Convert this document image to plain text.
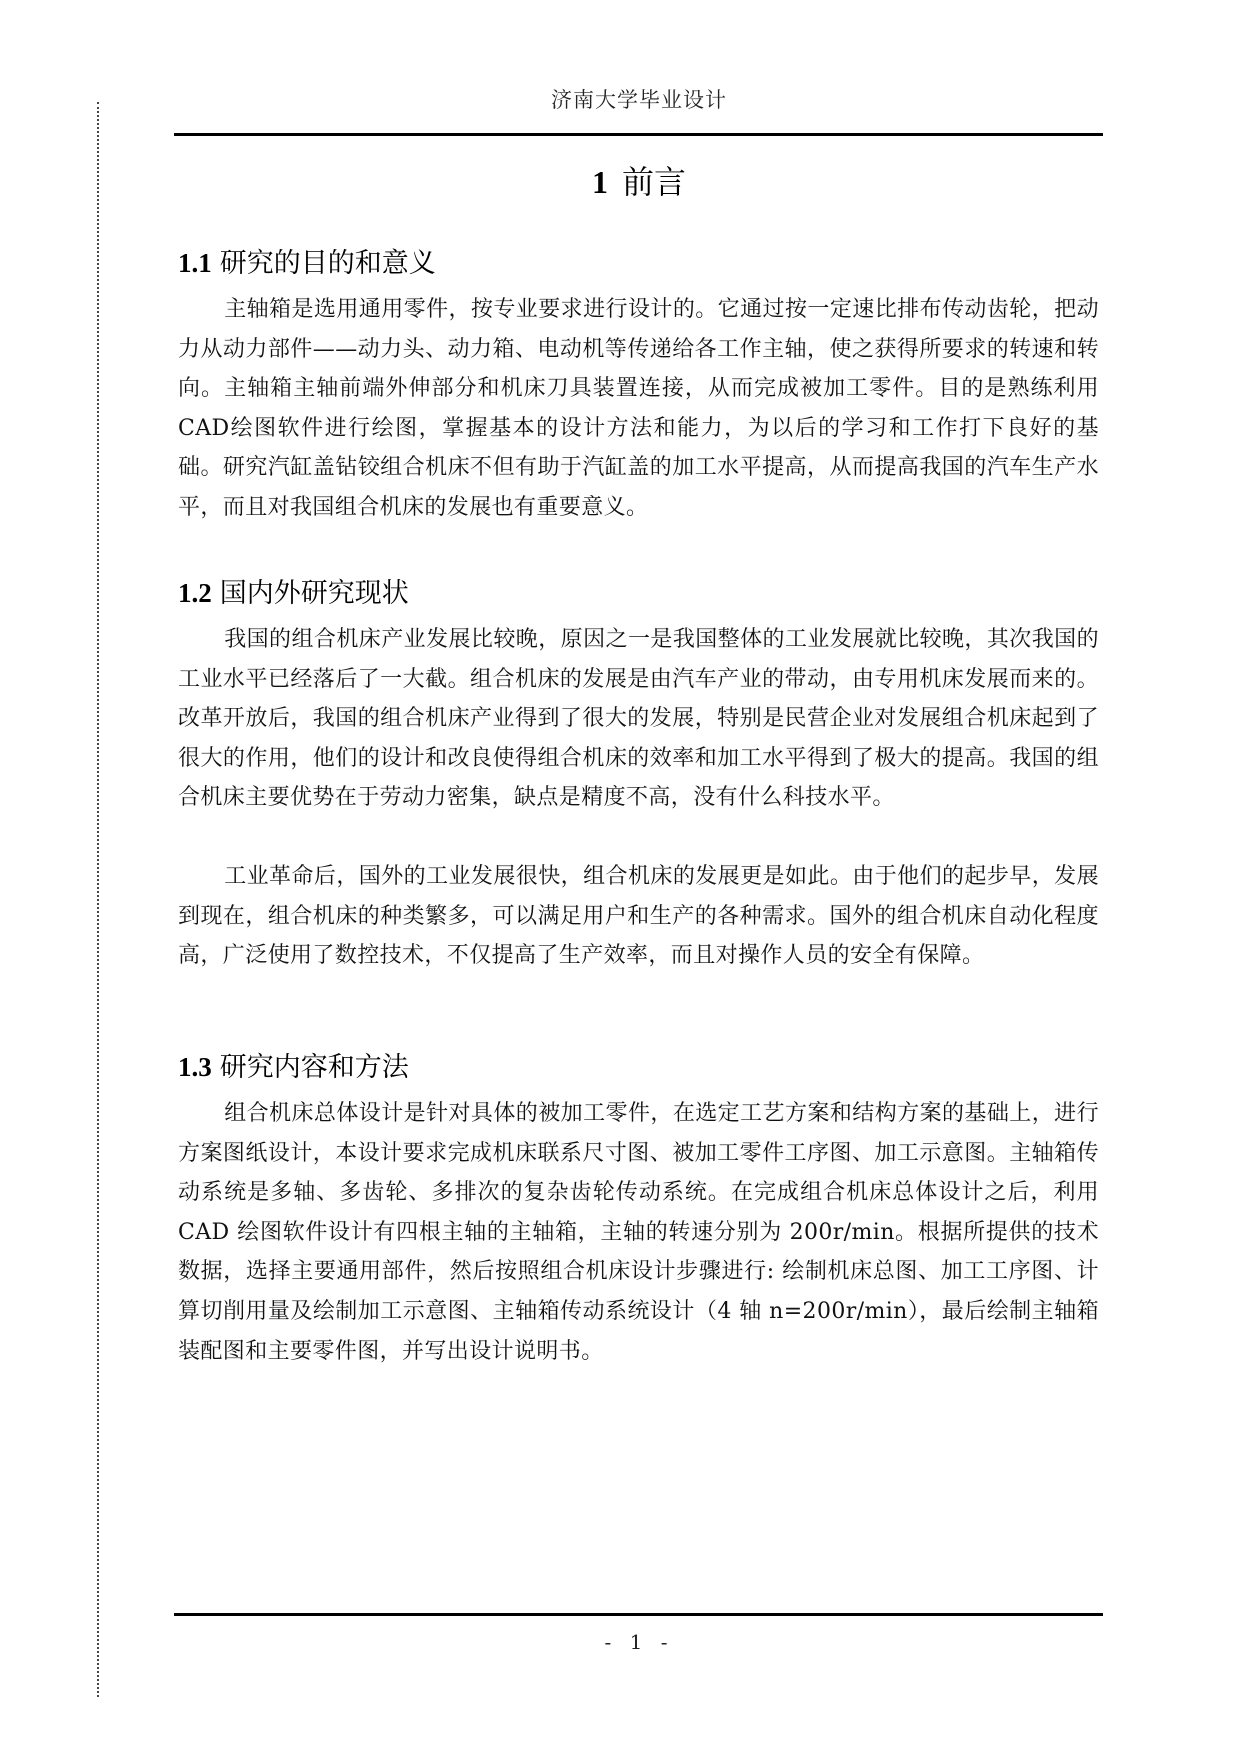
济南大学毕业设计
1 前言
1.1 研究的目的和意义

主轴箱是选用通用零件，按专业要求进行设计的。它通过按一定速比排布传动齿轮，把动力从动力部件——动力头、动力箱、电动机等传递给各工作主轴，使之获得所要求的转速和转向。主轴箱主轴前端外伸部分和机床刀具装置连接，从而完成被加工零件。目的是熟练利用CAD绘图软件进行绘图，掌握基本的设计方法和能力，为以后的学习和工作打下良好的基础。研究汽缸盖钻铰组合机床不但有助于汽缸盖的加工水平提高，从而提高我国的汽车生产水平，而且对我国组合机床的发展也有重要意义。

1.2 国内外研究现状

我国的组合机床产业发展比较晚，原因之一是我国整体的工业发展就比较晚，其次我国的工业水平已经落后了一大截。组合机床的发展是由汽车产业的带动，由专用机床发展而来的。改革开放后，我国的组合机床产业得到了很大的发展，特别是民营企业对发展组合机床起到了很大的作用，他们的设计和改良使得组合机床的效率和加工水平得到了极大的提高。我国的组合机床主要优势在于劳动力密集，缺点是精度不高，没有什么科技水平。

工业革命后，国外的工业发展很快，组合机床的发展更是如此。由于他们的起步早，发展到现在，组合机床的种类繁多，可以满足用户和生产的各种需求。国外的组合机床自动化程度高，广泛使用了数控技术，不仅提高了生产效率，而且对操作人员的安全有保障。

1.3 研究内容和方法

组合机床总体设计是针对具体的被加工零件，在选定工艺方案和结构方案的基础上，进行方案图纸设计，本设计要求完成机床联系尺寸图、被加工零件工序图、加工示意图。主轴箱传动系统是多轴、多齿轮、多排次的复杂齿轮传动系统。在完成组合机床总体设计之后，利用 CAD 绘图软件设计有四根主轴的主轴箱，主轴的转速分别为 200r/min。根据所提供的技术数据，选择主要通用部件，然后按照组合机床设计步骤进行: 绘制机床总图、加工工序图、计算切削用量及绘制加工示意图、主轴箱传动系统设计（4 轴 n=200r/min），最后绘制主轴箱装配图和主要零件图，并写出设计说明书。

- 1 -
